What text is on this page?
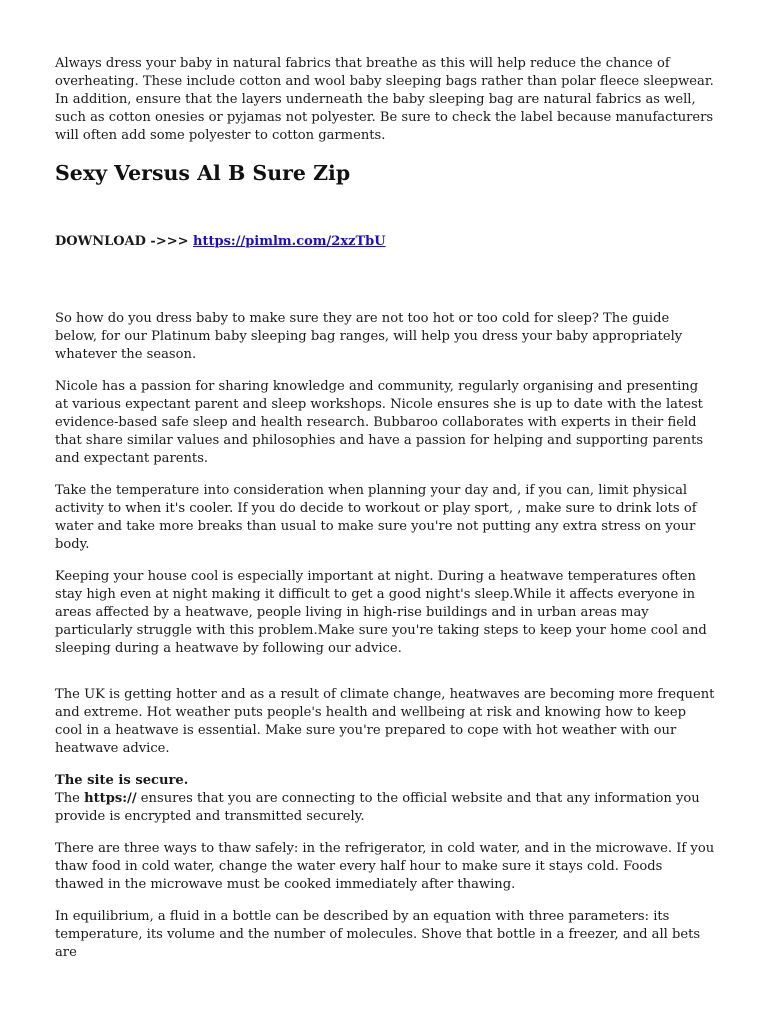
Always dress your baby in natural fabrics that breathe as this will help reduce the chance of overheating. These include cotton and wool baby sleeping bags rather than polar fleece sleepwear. In addition, ensure that the layers underneath the baby sleeping bag are natural fabrics as well, such as cotton onesies or pyjamas not polyester. Be sure to check the label because manufacturers will often add some polyester to cotton garments.

Sexy Versus Al B Sure Zip
DOWNLOAD ->>> https://pimlm.com/2xzTbU

So how do you dress baby to make sure they are not too hot or too cold for sleep? The guide below, for our Platinum baby sleeping bag ranges, will help you dress your baby appropriately whatever the season.

Nicole has a passion for sharing knowledge and community, regularly organising and presenting at various expectant parent and sleep workshops. Nicole ensures she is up to date with the latest evidence-based safe sleep and health research. Bubbaroo collaborates with experts in their field that share similar values and philosophies and have a passion for helping and supporting parents and expectant parents.

Take the temperature into consideration when planning your day and, if you can, limit physical activity to when it's cooler. If you do decide to workout or play sport, , make sure to drink lots of water and take more breaks than usual to make sure you're not putting any extra stress on your body.

Keeping your house cool is especially important at night. During a heatwave temperatures often stay high even at night making it difficult to get a good night's sleep.While it affects everyone in areas affected by a heatwave, people living in high-rise buildings and in urban areas may particularly struggle with this problem.Make sure you're taking steps to keep your home cool and sleeping during a heatwave by following our advice.

The UK is getting hotter and as a result of climate change, heatwaves are becoming more frequent and extreme. Hot weather puts people's health and wellbeing at risk and knowing how to keep cool in a heatwave is essential. Make sure you're prepared to cope with hot weather with our heatwave advice.

The site is secure.
The https:// ensures that you are connecting to the official website and that any information you provide is encrypted and transmitted securely.

There are three ways to thaw safely: in the refrigerator, in cold water, and in the microwave. If you thaw food in cold water, change the water every half hour to make sure it stays cold. Foods thawed in the microwave must be cooked immediately after thawing.

In equilibrium, a fluid in a bottle can be described by an equation with three parameters: its temperature, its volume and the number of molecules. Shove that bottle in a freezer, and all bets are
